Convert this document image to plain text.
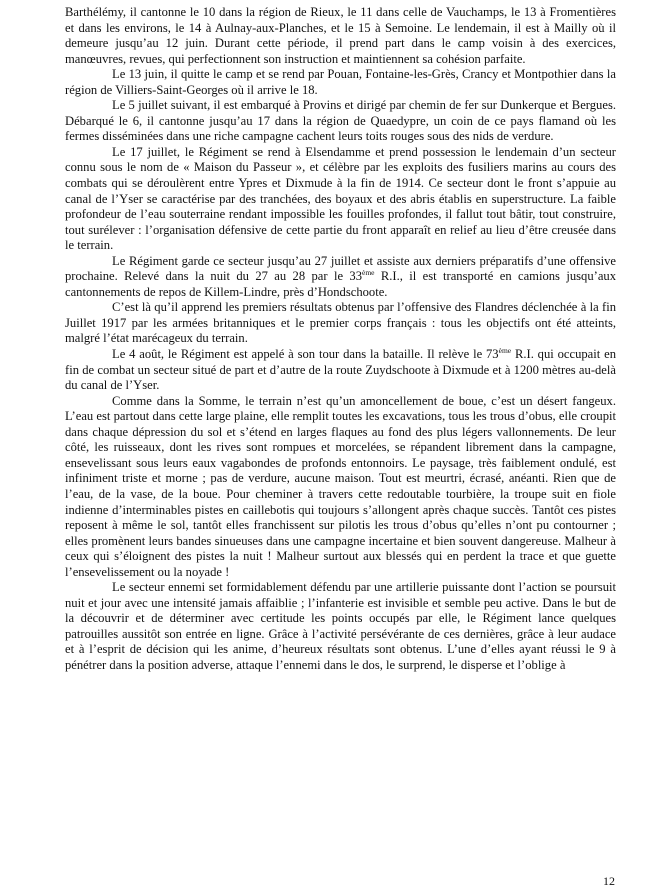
Barthélémy, il cantonne le 10 dans la région de Rieux, le 11 dans celle de Vauchamps, le 13 à Fromentières et dans les environs, le 14 à Aulnay-aux-Planches, et le 15 à Semoine. Le lendemain, il est à Mailly où il demeure jusqu’au 12 juin. Durant cette période, il prend part dans le camp voisin à des exercices, manœuvres, revues, qui perfectionnent son instruction et maintiennent sa cohésion parfaite.

Le 13 juin, il quitte le camp et se rend par Pouan, Fontaine-les-Grès, Crancy et Montpothier dans la région de Villiers-Saint-Georges où il arrive le 18.

Le 5 juillet suivant, il est embarqué à Provins et dirigé par chemin de fer sur Dunkerque et Bergues. Débarqué le 6, il cantonne jusqu’au 17 dans la région de Quaedypre, un coin de ce pays flamand où les fermes disséminées dans une riche campagne cachent leurs toits rouges sous des nids de verdure.

Le 17 juillet, le Régiment se rend à Elsendamme et prend possession le lendemain d’un secteur connu sous le nom de « Maison du Passeur », et célèbre par les exploits des fusiliers marins au cours des combats qui se déroulèrent entre Ypres et Dixmude à la fin de 1914. Ce secteur dont le front s’appuie au canal de l’Yser se caractérise par des tranchées, des boyaux et des abris établis en superstructure. La faible profondeur de l’eau souterraine rendant impossible les fouilles profondes, il fallut tout bâtir, tout construire, tout surélever : l’organisation défensive de cette partie du front apparaît en relief au lieu d’être creusée dans le terrain.

Le Régiment garde ce secteur jusqu’au 27 juillet et assiste aux derniers préparatifs d’une offensive prochaine. Relevé dans la nuit du 27 au 28 par le 33ème R.I., il est transporté en camions jusqu’aux cantonnements de repos de Killem-Lindre, près d’Hondschoote.

C’est là qu’il apprend les premiers résultats obtenus par l’offensive des Flandres déclenchée à la fin Juillet 1917 par les armées britanniques et le premier corps français : tous les objectifs ont été atteints, malgré l’état marécageux du terrain.

Le 4 août, le Régiment est appelé à son tour dans la bataille. Il relève le 73ème R.I. qui occupait en fin de combat un secteur situé de part et d’autre de la route Zuydschoote à Dixmude et à 1200 mètres au-delà du canal de l’Yser.

Comme dans la Somme, le terrain n’est qu’un amoncellement de boue, c’est un désert fangeux. L’eau est partout dans cette large plaine, elle remplit toutes les excavations, tous les trous d’obus, elle croupit dans chaque dépression du sol et s’étend en larges flaques au fond des plus légers vallonnements. De leur côté, les ruisseaux, dont les rives sont rompues et morcelées, se répandent librement dans la campagne, ensevelissant sous leurs eaux vagabondes de profonds entonnoirs. Le paysage, très faiblement ondulé, est infiniment triste et morne ; pas de verdure, aucune maison. Tout est meurtri, écrasé, anéanti. Rien que de l’eau, de la vase, de la boue. Pour cheminer à travers cette redoutable tourbière, la troupe suit en fiole indienne d’interminables pistes en caillebotis qui toujours s’allongent après chaque succès. Tantôt ces pistes reposent à même le sol, tantôt elles franchissent sur pilotis les trous d’obus qu’elles n’ont pu contourner ; elles promènent leurs bandes sinueuses dans une campagne incertaine et bien souvent dangereuse. Malheur à ceux qui s’éloignent des pistes la nuit ! Malheur surtout aux blessés qui en perdent la trace et que guette l’ensevelissement ou la noyade !

Le secteur ennemi set formidablement défendu par une artillerie puissante dont l’action se poursuit nuit et jour avec une intensité jamais affaiblie ; l’infanterie est invisible et semble peu active. Dans le but de la découvrir et de déterminer avec certitude les points occupés par elle, le Régiment lance quelques patrouilles aussitôt son entrée en ligne. Grâce à l’activité persévérante de ces dernières, grâce à leur audace et à l’esprit de décision qui les anime, d’heureux résultats sont obtenus. L’une d’elles ayant réussi le 9 à pénétrer dans la position adverse, attaque l’ennemi dans le dos, le surprend, le disperse et l’oblige à

12
